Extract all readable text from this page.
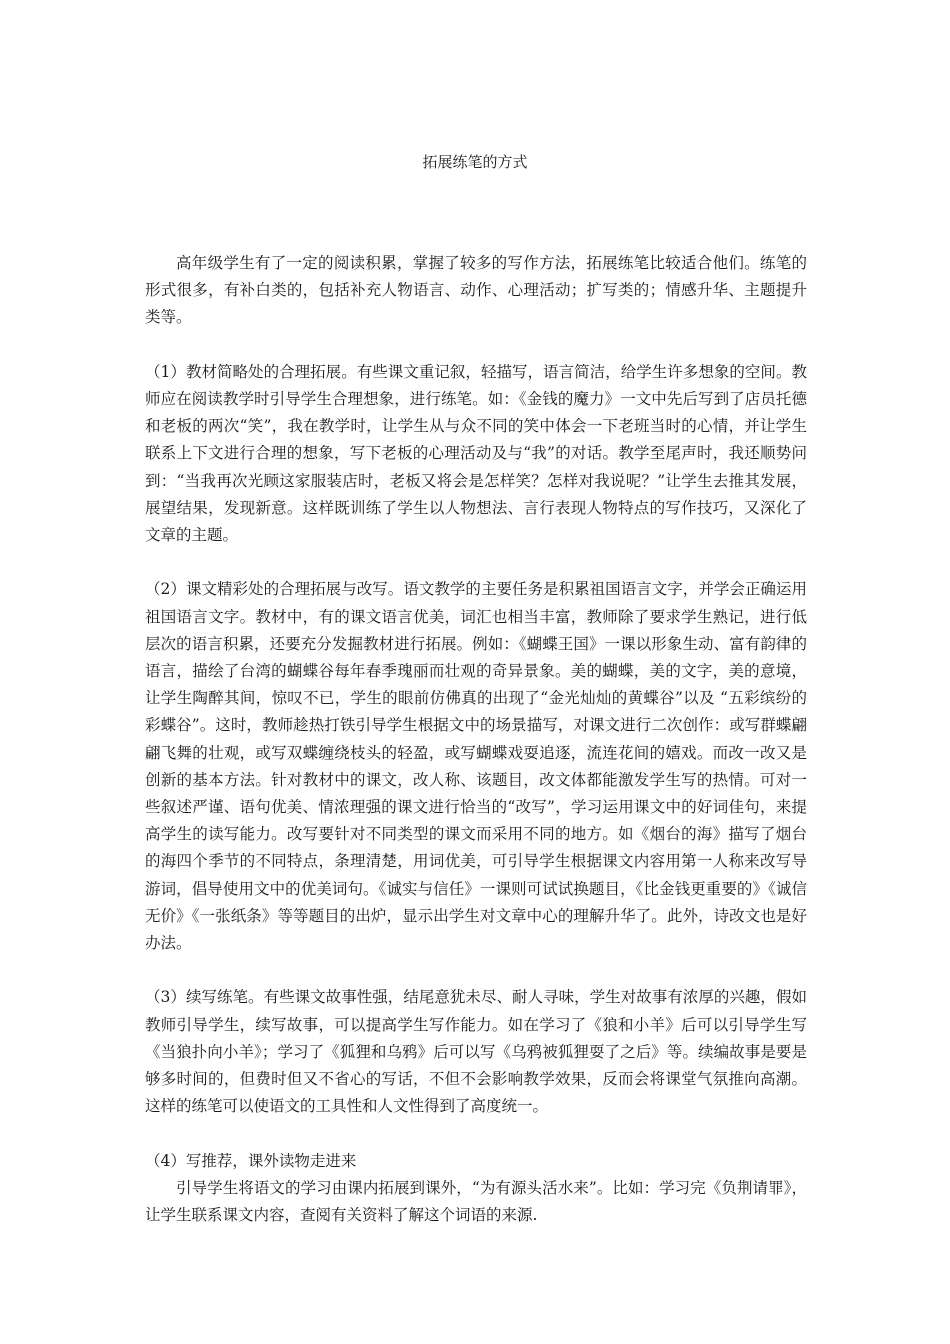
拓展练笔的方式

高年级学生有了一定的阅读积累，掌握了较多的写作方法，拓展练笔比较适合他们。练笔的形式很多，有补白类的，包括补充人物语言、动作、心理活动；扩写类的；情感升华、主题提升类等。

（1）教材简略处的合理拓展。有些课文重记叙，轻描写，语言简洁，给学生许多想象的空间。教师应在阅读教学时引导学生合理想象，进行练笔。如：《金钱的魔力》一文中先后写到了店员托德和老板的两次“笑”，我在教学时，让学生从与众不同的笑中体会一下老班当时的心情，并让学生联系上下文进行合理的想象，写下老板的心理活动及与“我”的对话。教学至尾声时，我还顺势问到：“当我再次光顾这家服装店时，老板又将会是怎样笑？怎样对我说呢？”让学生去推其发展，展望结果，发现新意。这样既训练了学生以人物想法、言行表现人物特点的写作技巧，又深化了文章的主题。

（2）课文精彩处的合理拓展与改写。语文教学的主要任务是积累祖国语言文字，并学会正确运用祖国语言文字。教材中，有的课文语言优美，词汇也相当丰富，教师除了要求学生熟记，进行低层次的语言积累，还要充分发掘教材进行拓展。例如：《蝴蝶王国》一课以形象生动、富有韵律的语言，描绘了台湾的蝴蝶谷每年春季瑰丽而壮观的奇异景象。美的蝴蝶，美的文字，美的意境，让学生陶醉其间，惊叹不已，学生的眼前仿佛真的出现了“金光灿灿的黄蝶谷”以及 “五彩缤纷的彩蝶谷”。这时，教师趁热打铁引导学生根据文中的场景描写，对课文进行二次创作：或写群蝶翩翩飞舞的壮观，或写双蝶缠绕枝头的轻盈，或写蝴蝶戏耍追逐，流连花间的嬉戏。而改一改又是创新的基本方法。针对教材中的课文，改人称、该题目，改文体都能激发学生写的热情。可对一些叙述严谨、语句优美、情浓理强的课文进行恰当的“改写”，学习运用课文中的好词佳句，来提高学生的读写能力。改写要针对不同类型的课文而采用不同的地方。如《烟台的海》描写了烟台的海四个季节的不同特点，条理清楚，用词优美，可引导学生根据课文内容用第一人称来改写导游词，倡导使用文中的优美词句。《诚实与信任》一课则可试试换题目，《比金钱更重要的》《诚信无价》《一张纸条》等等题目的出炉，显示出学生对文章中心的理解升华了。此外，诗改文也是好办法。

（3）续写练笔。有些课文故事性强，结尾意犹未尽、耐人寻味，学生对故事有浓厚的兴趣，假如教师引导学生，续写故事，可以提高学生写作能力。如在学习了《狼和小羊》后可以引导学生写《当狼扑向小羊》；学习了《狐狸和乌鸦》后可以写《乌鸦被狐狸耍了之后》等。续编故事是要是够多时间的，但费时但又不省心的写话，不但不会影响教学效果，反而会将课堂气氛推向高潮。这样的练笔可以使语文的工具性和人文性得到了高度统一。

（4）写推荐，课外读物走进来

引导学生将语文的学习由课内拓展到课外，“为有源头活水来”。比如：学习完《负荆请罪》，让学生联系课文内容，查阅有关资料了解这个词语的来源.
